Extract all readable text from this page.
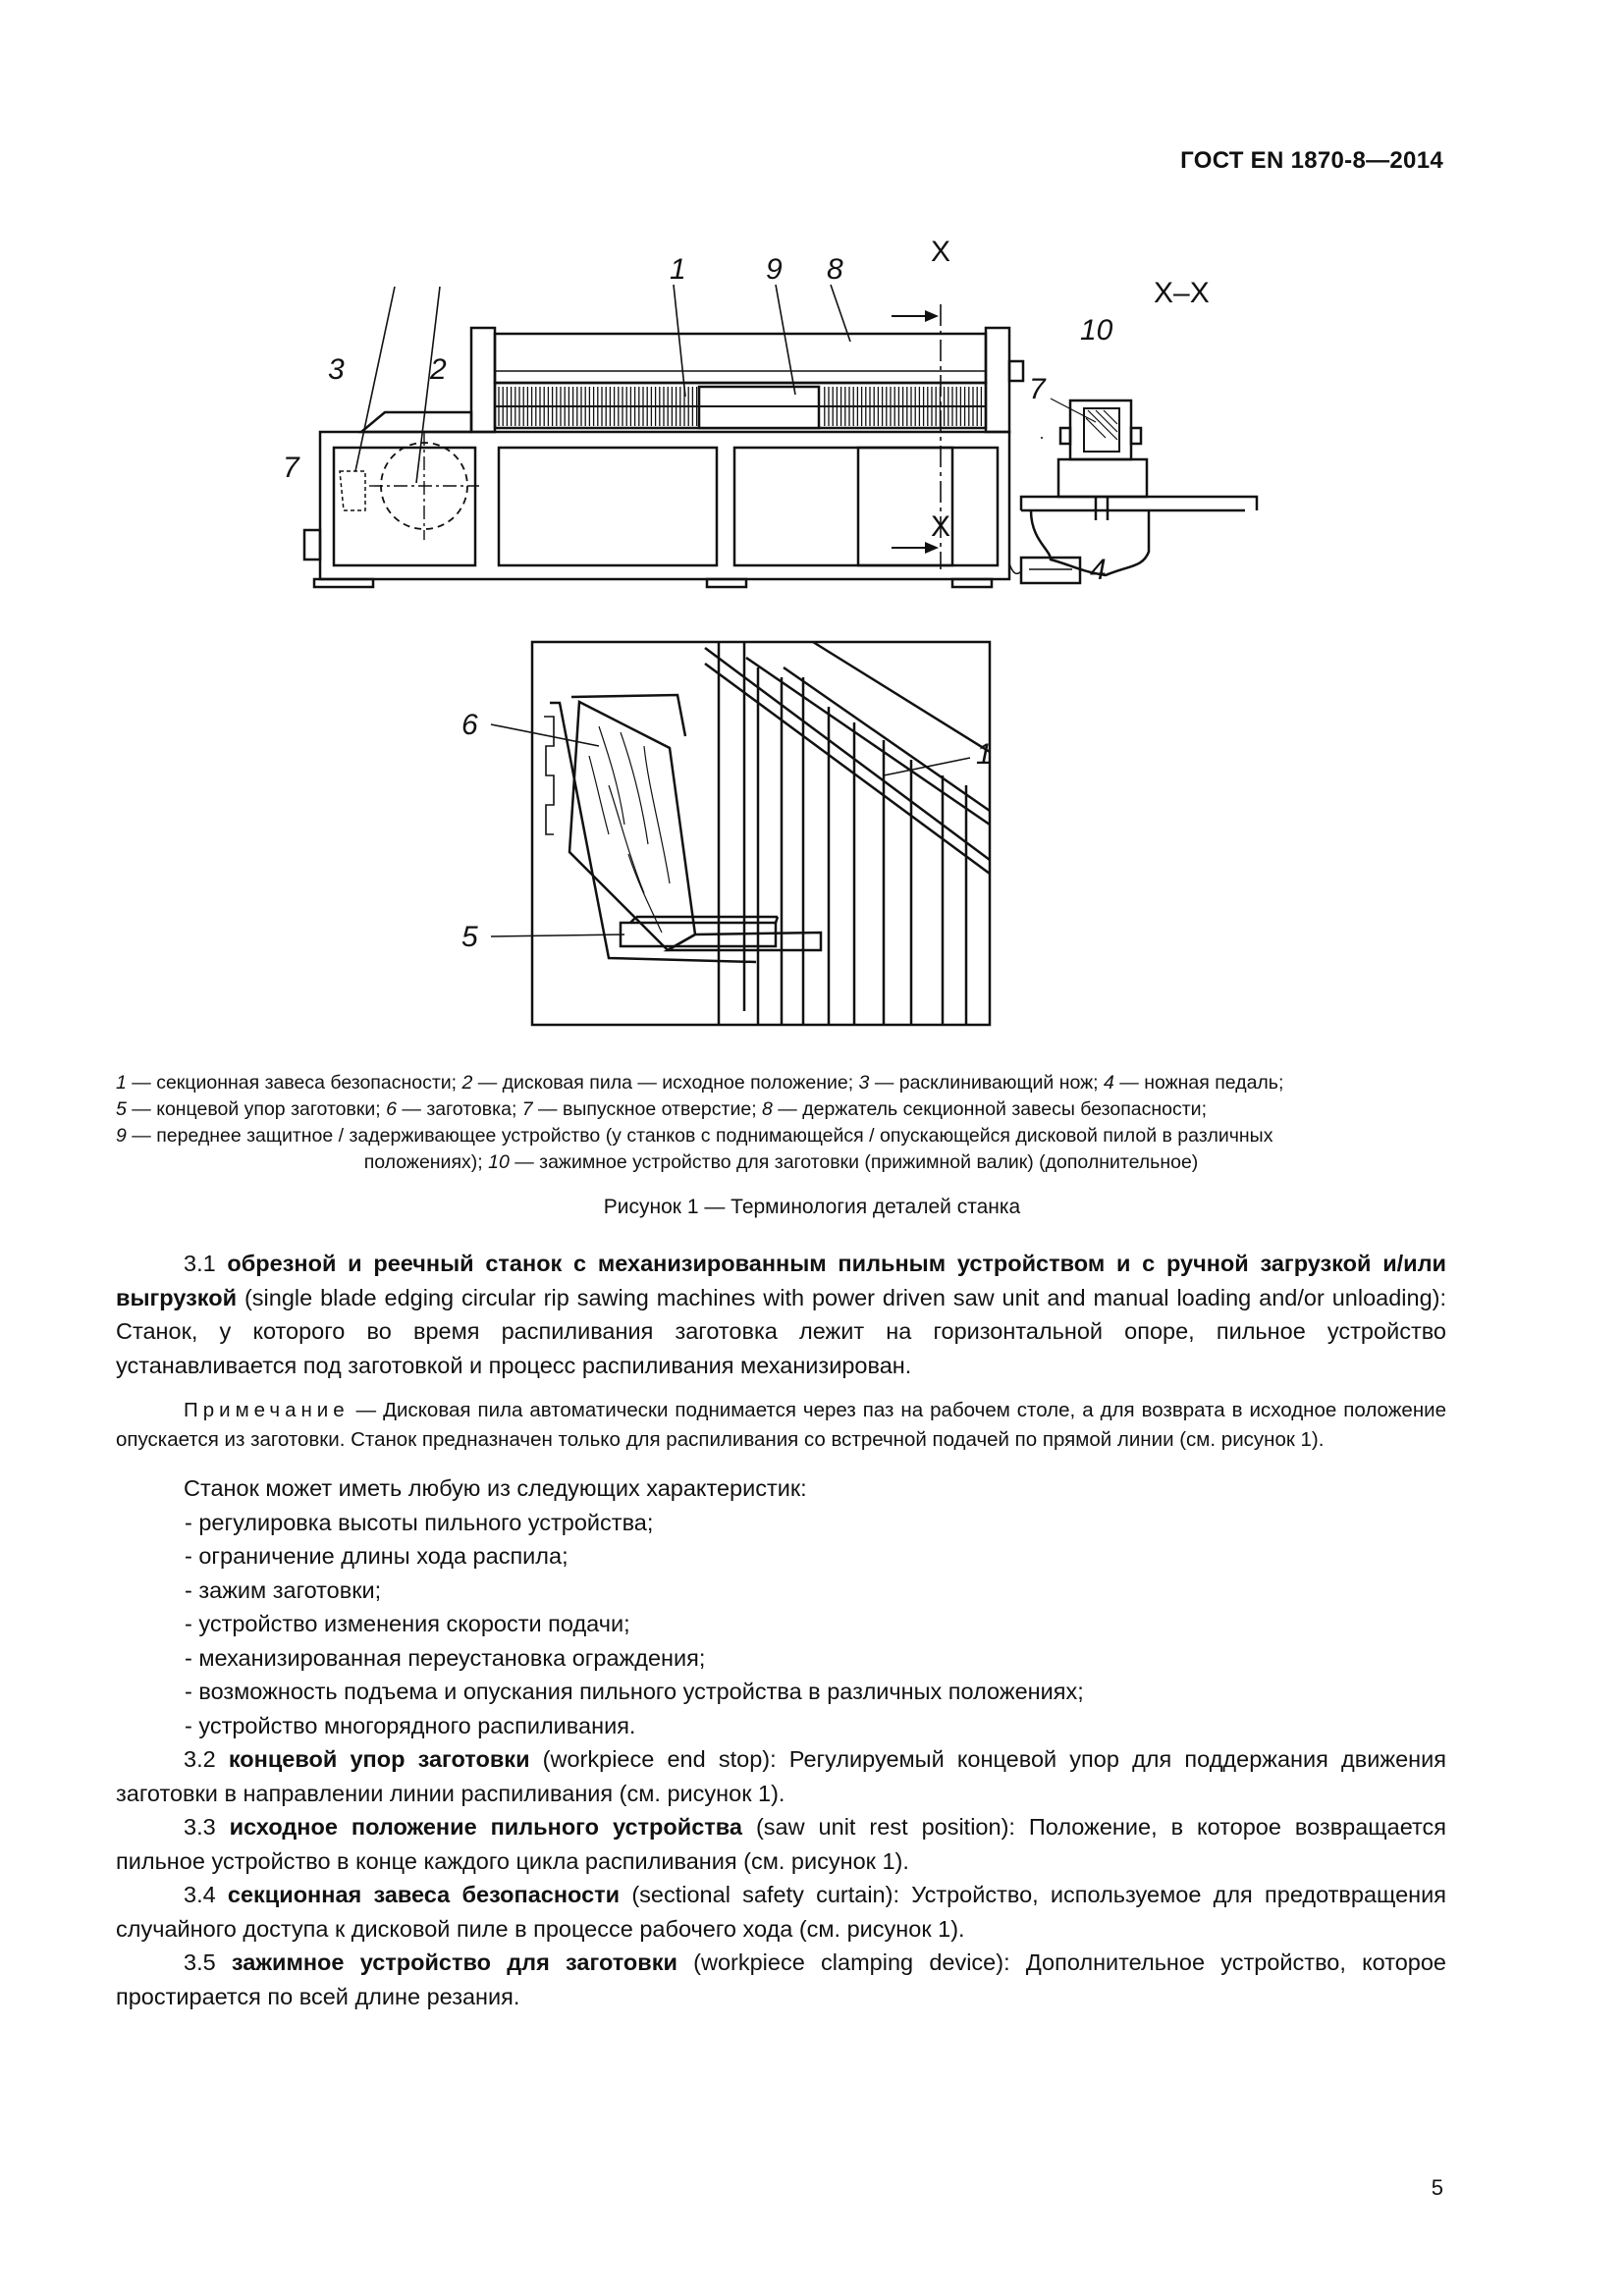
ГОСТ EN 1870-8—2014
1	9 8
3	2
7
7
10
4
X
X
X–X
6
1
5
1 — секционная завеса безопасности; 2 — дисковая пила — исходное положение; 3 — расклинивающий нож; 4 — ножная педаль;
5 — концевой упор заготовки; 6 — заготовка; 7 — выпускное отверстие; 8 — держатель секционной завесы безопасности;
9 — переднее защитное / задерживающее устройство (у станков с поднимающейся / опускающейся дисковой пилой в различных
положениях); 10 — зажимное устройство для заготовки (прижимной валик) (дополнительное)
Рисунок 1 — Терминология деталей станка

3.1 обрезной и реечный станок с механизированным пильным устройством и с ручной загрузкой и/или выгрузкой (single blade edging circular rip sawing machines with power driven saw unit and manual loading and/or unloading): Станок, у которого во время распиливания заготовка лежит на горизонтальной опоре, пильное устройство устанавливается под заготовкой и процесс распиливания механизирован.

Примечание — Дисковая пила автоматически поднимается через паз на рабочем столе, а для возврата в исходное положение опускается из заготовки. Станок предназначен только для распиливания со встречной подачей по прямой линии (см. рисунок 1).

Станок может иметь любую из следующих характеристик:

- регулировка высоты пильного устройства;
- ограничение длины хода распила;
- зажим заготовки;
- устройство изменения скорости подачи;
- механизированная переустановка ограждения;
- возможность подъема и опускания пильного устройства в различных положениях;
- устройство многорядного распиливания.

3.2 концевой упор заготовки (workpiece end stop): Регулируемый концевой упор для поддержания движения заготовки в направлении линии распиливания (см. рисунок 1).

3.3 исходное положение пильного устройства (saw unit rest position): Положение, в которое возвращается пильное устройство в конце каждого цикла распиливания (см. рисунок 1).

3.4 секционная завеса безопасности (sectional safety curtain): Устройство, используемое для предотвращения случайного доступа к дисковой пиле в процессе рабочего хода (см. рисунок 1).

3.5 зажимное устройство для заготовки (workpiece clamping device): Дополнительное устройство, которое простирается по всей длине резания.

5
